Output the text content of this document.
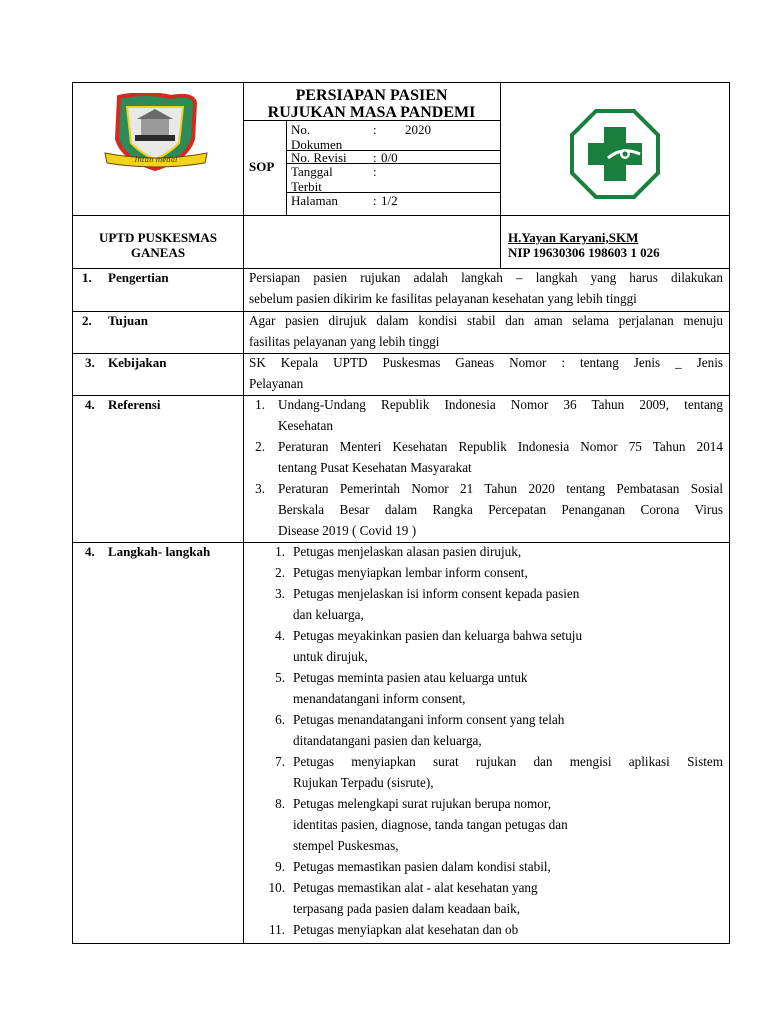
Intan medal
PERSIAPAN PASIEN
RUJUKAN MASA PANDEMI
SOP
No.
Dokumen
: 2020
No. Revisi : 0/0
Tanggal
Terbit
:
Halaman	: 1/2
UPTD PUSKESMAS
GANEAS
H.Yayan Karyani,SKM
NIP 19630306 198603 1 026
1. Pengertian
2. Tujuan
3. Kebijakan
4. Referensi
4. Langkah- langkah
Persiapan pasien rujukan adalah langkah – langkah yang harus dilakukan
sebelum pasien dikirim ke fasilitas pelayanan kesehatan yang lebih tinggi
Agar pasien dirujuk dalam kondisi stabil dan aman selama perjalanan menuju
fasilitas pelayanan yang lebih tinggi
SK Kepala UPTD Puskesmas Ganeas Nomor : tentang Jenis _ Jenis
Pelayanan
1. Undang-Undang Republik Indonesia Nomor 36 Tahun 2009, tentang
Kesehatan
2. Peraturan Menteri Kesehatan Republik Indonesia Nomor 75 Tahun 2014
tentang Pusat Kesehatan Masyarakat
3. Peraturan Pemerintah Nomor 21 Tahun 2020 tentang Pembatasan Sosial
Berskala Besar dalam Rangka Percepatan Penanganan Corona Virus
Disease 2019 ( Covid 19 )
1. Petugas menjelaskan alasan pasien dirujuk,
2. Petugas menyiapkan lembar inform consent,
3. Petugas menjelaskan isi inform consent kepada pasien
dan keluarga,
4. Petugas meyakinkan pasien dan keluarga bahwa setuju
untuk dirujuk,
5. Petugas meminta pasien atau keluarga untuk
menandatangani inform consent,
6. Petugas menandatangani inform consent yang telah
ditandatangani pasien dan keluarga,
7. Petugas menyiapkan surat rujukan dan mengisi aplikasi Sistem
Rujukan Terpadu (sisrute),
8. Petugas melengkapi surat rujukan berupa nomor,
identitas pasien, diagnose, tanda tangan petugas dan
stempel Puskesmas,
9. Petugas memastikan pasien dalam kondisi stabil,
10. Petugas memastikan alat - alat kesehatan yang
terpasang pada pasien dalam keadaan baik,
11. Petugas menyiapkan alat kesehatan dan ob
